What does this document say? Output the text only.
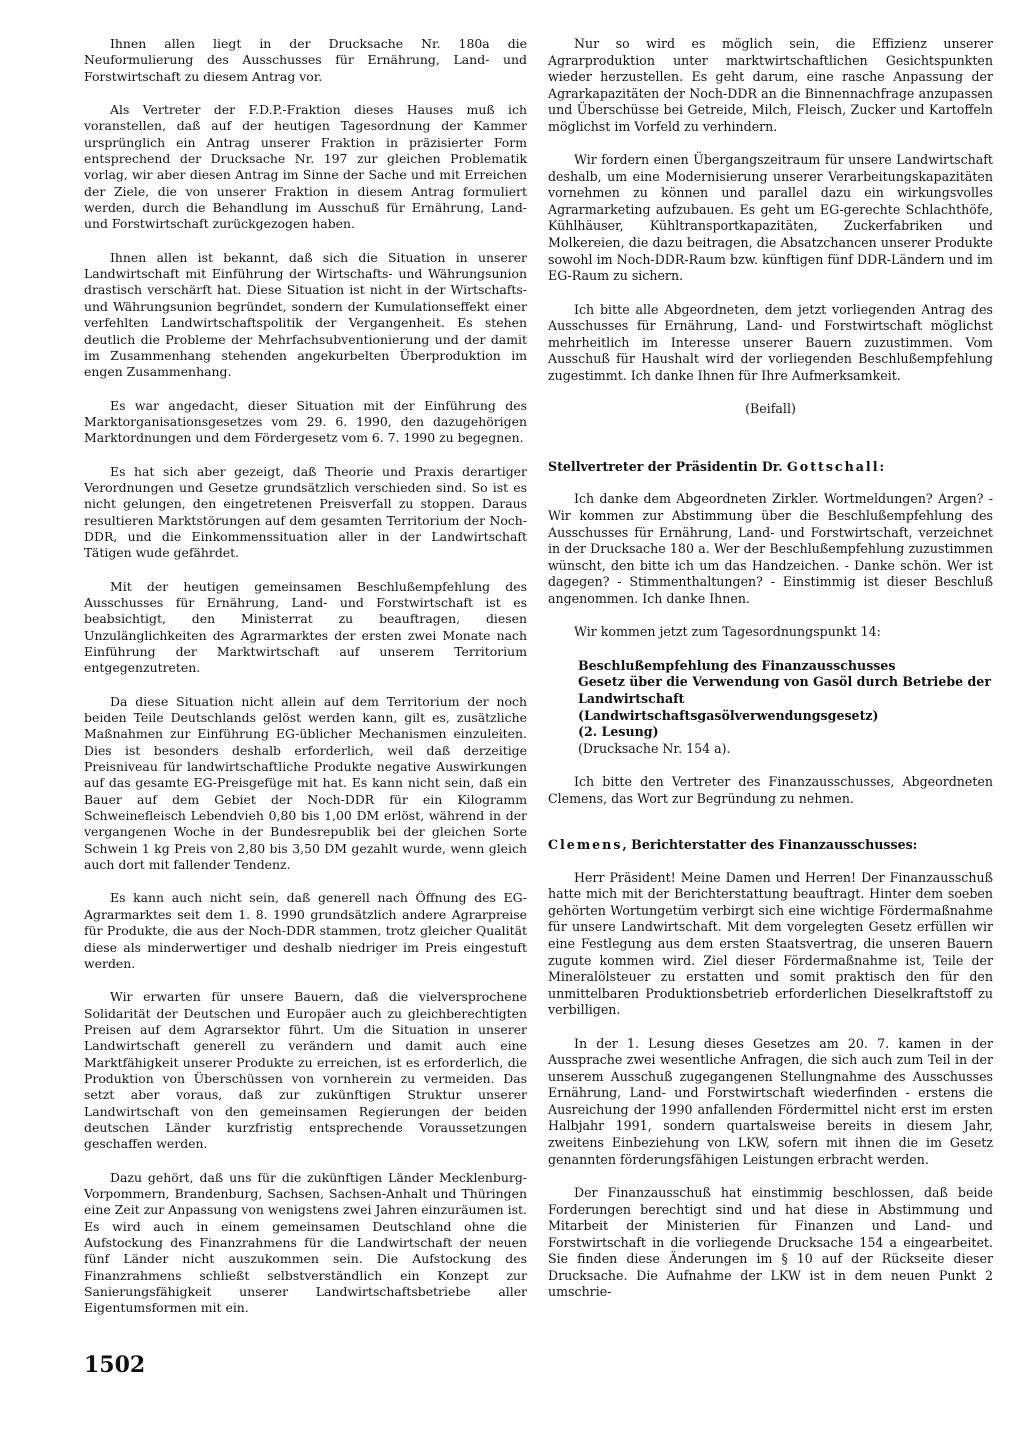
Ihnen allen liegt in der Drucksache Nr. 180a die Neuformulierung des Ausschusses für Ernährung, Land- und Forstwirtschaft zu diesem Antrag vor.

Als Vertreter der F.D.P.-Fraktion dieses Hauses muß ich voranstellen, daß auf der heutigen Tagesordnung der Kammer ursprünglich ein Antrag unserer Fraktion in präzisierter Form entsprechend der Drucksache Nr. 197 zur gleichen Problematik vorlag, wir aber diesen Antrag im Sinne der Sache und mit Erreichen der Ziele, die von unserer Fraktion in diesem Antrag formuliert werden, durch die Behandlung im Ausschuß für Ernährung, Land- und Forstwirtschaft zurückgezogen haben.

Ihnen allen ist bekannt, daß sich die Situation in unserer Landwirtschaft mit Einführung der Wirtschafts- und Währungsunion drastisch verschärft hat. Diese Situation ist nicht in der Wirtschafts- und Währungsunion begründet, sondern der Kumulationseffekt einer verfehlten Landwirtschaftspolitik der Vergangenheit. Es stehen deutlich die Probleme der Mehrfachsubventionierung und der damit im Zusammenhang stehenden angekurbelten Überproduktion im engen Zusammenhang.

Es war angedacht, dieser Situation mit der Einführung des Marktorganisationsgesetzes vom 29. 6. 1990, den dazugehörigen Marktordnungen und dem Fördergesetz vom 6. 7. 1990 zu begegnen.

Es hat sich aber gezeigt, daß Theorie und Praxis derartiger Verordnungen und Gesetze grundsätzlich verschieden sind. So ist es nicht gelungen, den eingetretenen Preisverfall zu stoppen. Daraus resultieren Marktstörungen auf dem gesamten Territorium der Noch-DDR, und die Einkommenssituation aller in der Landwirtschaft Tätigen wude gefährdet.

Mit der heutigen gemeinsamen Beschlußempfehlung des Ausschusses für Ernährung, Land- und Forstwirtschaft ist es beabsichtigt, den Ministerrat zu beauftragen, diesen Unzulänglichkeiten des Agrarmarktes der ersten zwei Monate nach Einführung der Marktwirtschaft auf unserem Territorium entgegenzutreten.

Da diese Situation nicht allein auf dem Territorium der noch beiden Teile Deutschlands gelöst werden kann, gilt es, zusätzliche Maßnahmen zur Einführung EG-üblicher Mechanismen einzuleiten. Dies ist besonders deshalb erforderlich, weil daß derzeitige Preisniveau für landwirtschaftliche Produkte negative Auswirkungen auf das gesamte EG-Preisgefüge mit hat. Es kann nicht sein, daß ein Bauer auf dem Gebiet der Noch-DDR für ein Kilogramm Schweinefleisch Lebendvieh 0,80 bis 1,00 DM erlöst, während in der vergangenen Woche in der Bundesrepublik bei der gleichen Sorte Schwein 1 kg Preis von 2,80 bis 3,50 DM gezahlt wurde, wenn gleich auch dort mit fallender Tendenz.

Es kann auch nicht sein, daß generell nach Öffnung des EG-Agrarmarktes seit dem 1. 8. 1990 grundsätzlich andere Agrarpreise für Produkte, die aus der Noch-DDR stammen, trotz gleicher Qualität diese als minderwertiger und deshalb niedriger im Preis eingestuft werden.

Wir erwarten für unsere Bauern, daß die vielversprochene Solidarität der Deutschen und Europäer auch zu gleichberechtigten Preisen auf dem Agrarsektor führt. Um die Situation in unserer Landwirtschaft generell zu verändern und damit auch eine Marktfähigkeit unserer Produkte zu erreichen, ist es erforderlich, die Produktion von Überschüssen von vornherein zu vermeiden. Das setzt aber voraus, daß zur zukünftigen Struktur unserer Landwirtschaft von den gemeinsamen Regierungen der beiden deutschen Länder kurzfristig entsprechende Voraussetzungen geschaffen werden.

Dazu gehört, daß uns für die zukünftigen Länder Mecklenburg-Vorpommern, Brandenburg, Sachsen, Sachsen-Anhalt und Thüringen eine Zeit zur Anpassung von wenigstens zwei Jahren einzuräumen ist. Es wird auch in einem gemeinsamen Deutschland ohne die Aufstockung des Finanzrahmens für die Landwirtschaft der neuen fünf Länder nicht auszukommen sein. Die Aufstockung des Finanzrahmens schließt selbstverständlich ein Konzept zur Sanierungsfähigkeit unserer Landwirtschaftsbetriebe aller Eigentumsformen mit ein.

Nur so wird es möglich sein, die Effizienz unserer Agrarproduktion unter marktwirtschaftlichen Gesichtspunkten wieder herzustellen. Es geht darum, eine rasche Anpassung der Agrarkapazitäten der Noch-DDR an die Binnennachfrage anzupassen und Überschüsse bei Getreide, Milch, Fleisch, Zucker und Kartoffeln möglichst im Vorfeld zu verhindern.

Wir fordern einen Übergangszeitraum für unsere Landwirtschaft deshalb, um eine Modernisierung unserer Verarbeitungskapazitäten vornehmen zu können und parallel dazu ein wirkungsvolles Agrarmarketing aufzubauen. Es geht um EG-gerechte Schlachthöfe, Kühlhäuser, Kühltransportkapazitäten, Zuckerfabriken und Molkereien, die dazu beitragen, die Absatzchancen unserer Produkte sowohl im Noch-DDR-Raum bzw. künftigen fünf DDR-Ländern und im EG-Raum zu sichern.

Ich bitte alle Abgeordneten, dem jetzt vorliegenden Antrag des Ausschusses für Ernährung, Land- und Forstwirtschaft möglichst mehrheitlich im Interesse unserer Bauern zuzustimmen. Vom Ausschuß für Haushalt wird der vorliegenden Beschlußempfehlung zugestimmt. Ich danke Ihnen für Ihre Aufmerksamkeit.

(Beifall)

Stellvertreter der Präsidentin Dr. Gottschall:

Ich danke dem Abgeordneten Zirkler. Wortmeldungen? Argen? - Wir kommen zur Abstimmung über die Beschlußempfehlung des Ausschusses für Ernährung, Land- und Forstwirtschaft, verzeichnet in der Drucksache 180 a. Wer der Beschlußempfehlung zuzustimmen wünscht, den bitte ich um das Handzeichen. - Danke schön. Wer ist dagegen? - Stimmenthaltungen? - Einstimmig ist dieser Beschluß angenommen. Ich danke Ihnen.

Wir kommen jetzt zum Tagesordnungspunkt 14:

Beschlußempfehlung des Finanzausschusses

Gesetz über die Verwendung von Gasöl durch Betriebe der Landwirtschaft

(Landwirtschaftsgasölverwendungsgesetz)

(2. Lesung)

(Drucksache Nr. 154 a).

Ich bitte den Vertreter des Finanzausschusses, Abgeordneten Clemens, das Wort zur Begründung zu nehmen.

Clemens, Berichterstatter des Finanzausschusses:

Herr Präsident! Meine Damen und Herren! Der Finanzausschuß hatte mich mit der Berichterstattung beauftragt. Hinter dem soeben gehörten Wortungetüm verbirgt sich eine wichtige Fördermaßnahme für unsere Landwirtschaft. Mit dem vorgelegten Gesetz erfüllen wir eine Festlegung aus dem ersten Staatsvertrag, die unseren Bauern zugute kommen wird. Ziel dieser Fördermaßnahme ist, Teile der Mineralölsteuer zu erstatten und somit praktisch den für den unmittelbaren Produktionsbetrieb erforderlichen Dieselkraftstoff zu verbilligen.

In der 1. Lesung dieses Gesetzes am 20. 7. kamen in der Aussprache zwei wesentliche Anfragen, die sich auch zum Teil in der unserem Ausschuß zugegangenen Stellungnahme des Ausschusses Ernährung, Land- und Forstwirtschaft wiederfinden - erstens die Ausreichung der 1990 anfallenden Fördermittel nicht erst im ersten Halbjahr 1991, sondern quartalsweise bereits in diesem Jahr, zweitens Einbeziehung von LKW, sofern mit ihnen die im Gesetz genannten förderungsfähigen Leistungen erbracht werden.

Der Finanzausschuß hat einstimmig beschlossen, daß beide Forderungen berechtigt sind und hat diese in Abstimmung und Mitarbeit der Ministerien für Finanzen und Land- und Forstwirtschaft in die vorliegende Drucksache 154 a eingearbeitet. Sie finden diese Änderungen im § 10 auf der Rückseite dieser Drucksache. Die Aufnahme der LKW ist in dem neuen Punkt 2 umschrie-

1502
